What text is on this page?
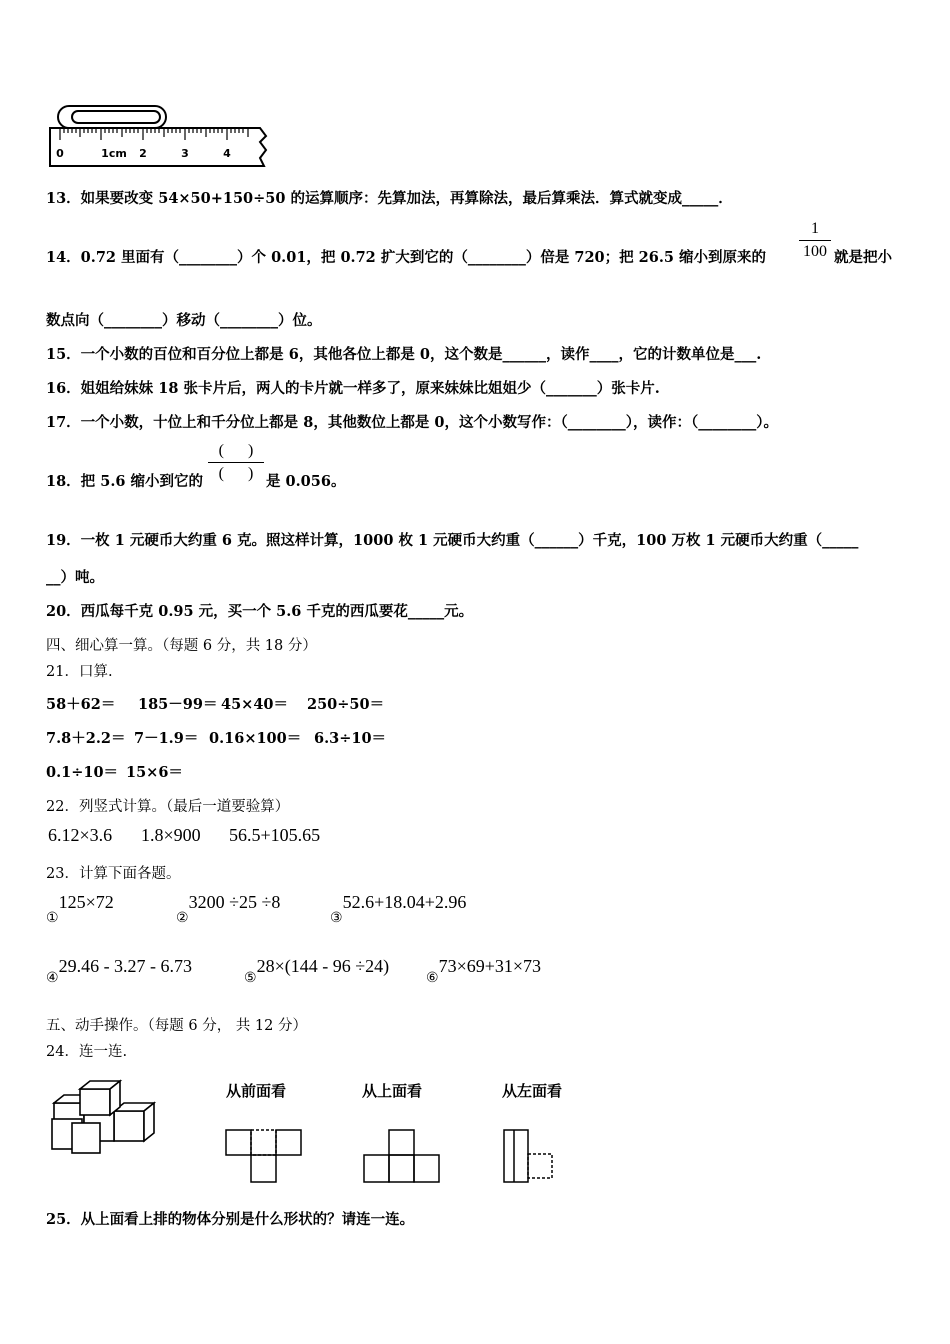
0	1cm 2	3	4
13．如果要改变 54×50+150÷50 的运算顺序：先算加法，再算除法，最后算乘法．算式就变成_____．
14．0.72 里面有（________）个 0.01，把 0.72 扩大到它的（________）倍是 720；把 26.5 缩小到原来的
1
100 就是把小
数点向（________）移动（________）位。
15．一个小数的百位和百分位上都是 6，其他各位上都是 0，这个数是______，读作____，它的计数单位是___.
16．姐姐给妹妹 18 张卡片后，两人的卡片就一样多了，原来妹妹比姐姐少（_______）张卡片.
17．一个小数，十位上和千分位上都是 8，其他数位上都是 0，这个小数写作：（________），读作：（________）。
18．把 5.6 缩小到它的
(      )
(      ) 是 0.056。
19．一枚 1 元硬币大约重 6 克。照这样计算，1000 枚 1 元硬币大约重（______）千克，100 万枚 1 元硬币大约重（_____
__）吨。
20．西瓜每千克 0.95 元，买一个 5.6 千克的西瓜要花_____元。
四、细心算一算。（每题 6 分，共 18 分）
21．口算.
58＋62＝ 185－99＝ 45×40＝ 250÷50＝
7.8＋2.2＝ 7－1.9＝ 0.16×100＝ 6.3÷10＝
0.1÷10＝ 15×6＝
22．列竖式计算。（最后一道要验算）
6.12×3.6 1.8×900 56.5+105.65
23．计算下面各题。
①125×72
②3200 ÷25 ÷8
③52.6+18.04+2.96
④29.46 - 3.27 - 6.73
⑤28×(144 - 96 ÷24)
⑥73×69+31×73
五、动手操作。（每题 6 分， 共 12 分）
24．连一连.
从前面看	从上面看	从左面看
25．从上面看上排的物体分别是什么形状的？请连一连。
